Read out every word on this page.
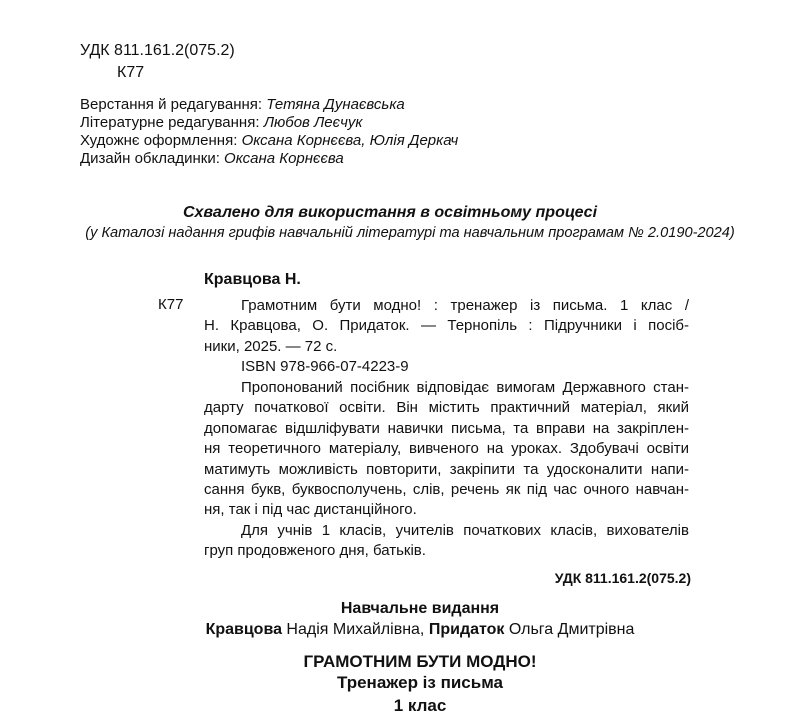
УДК 811.161.2(075.2)
К77
Верстання й редагування: Тетяна Дунаєвська
Літературне редагування: Любов Леєчук
Художнє оформлення: Оксана Корнєєва, Юлія Деркач
Дизайн обкладинки: Оксана Корнєєва
Схвалено для використання в освітньому процесі
(у Каталозі надання грифів навчальній літературі та навчальним програмам № 2.0190-2024)
Кравцова Н.
К77	Грамотним бути модно! : тренажер із письма. 1 клас /

Н. Кравцова, О. Придаток. — Тернопіль : Підручники і посіб-

ники, 2025. — 72 с.

ISBN 978-966-07-4223-9

Пропонований посібник відповідає вимогам Державного стан-

дарту початкової освіти. Він містить практичний матеріал, який

допомагає відшліфувати навички письма, та вправи на закріплен-

ня теоретичного матеріалу, вивченого на уроках. Здобувачі освіти

матимуть можливість повторити, закріпити та удосконалити напи-

сання букв, буквосполучень, слів, речень як під час очного навчан-

ня, так і під час дистанційного.

Для учнів 1 класів, учителів початкових класів, вихователів

груп продовженого дня, батьків.

УДК 811.161.2(075.2)
Навчальне видання
Кравцова Надія Михайлівна, Придаток Ольга Дмитрівна
ГРАМОТНИМ БУТИ МОДНО!
Тренажер із письма
1 клас
